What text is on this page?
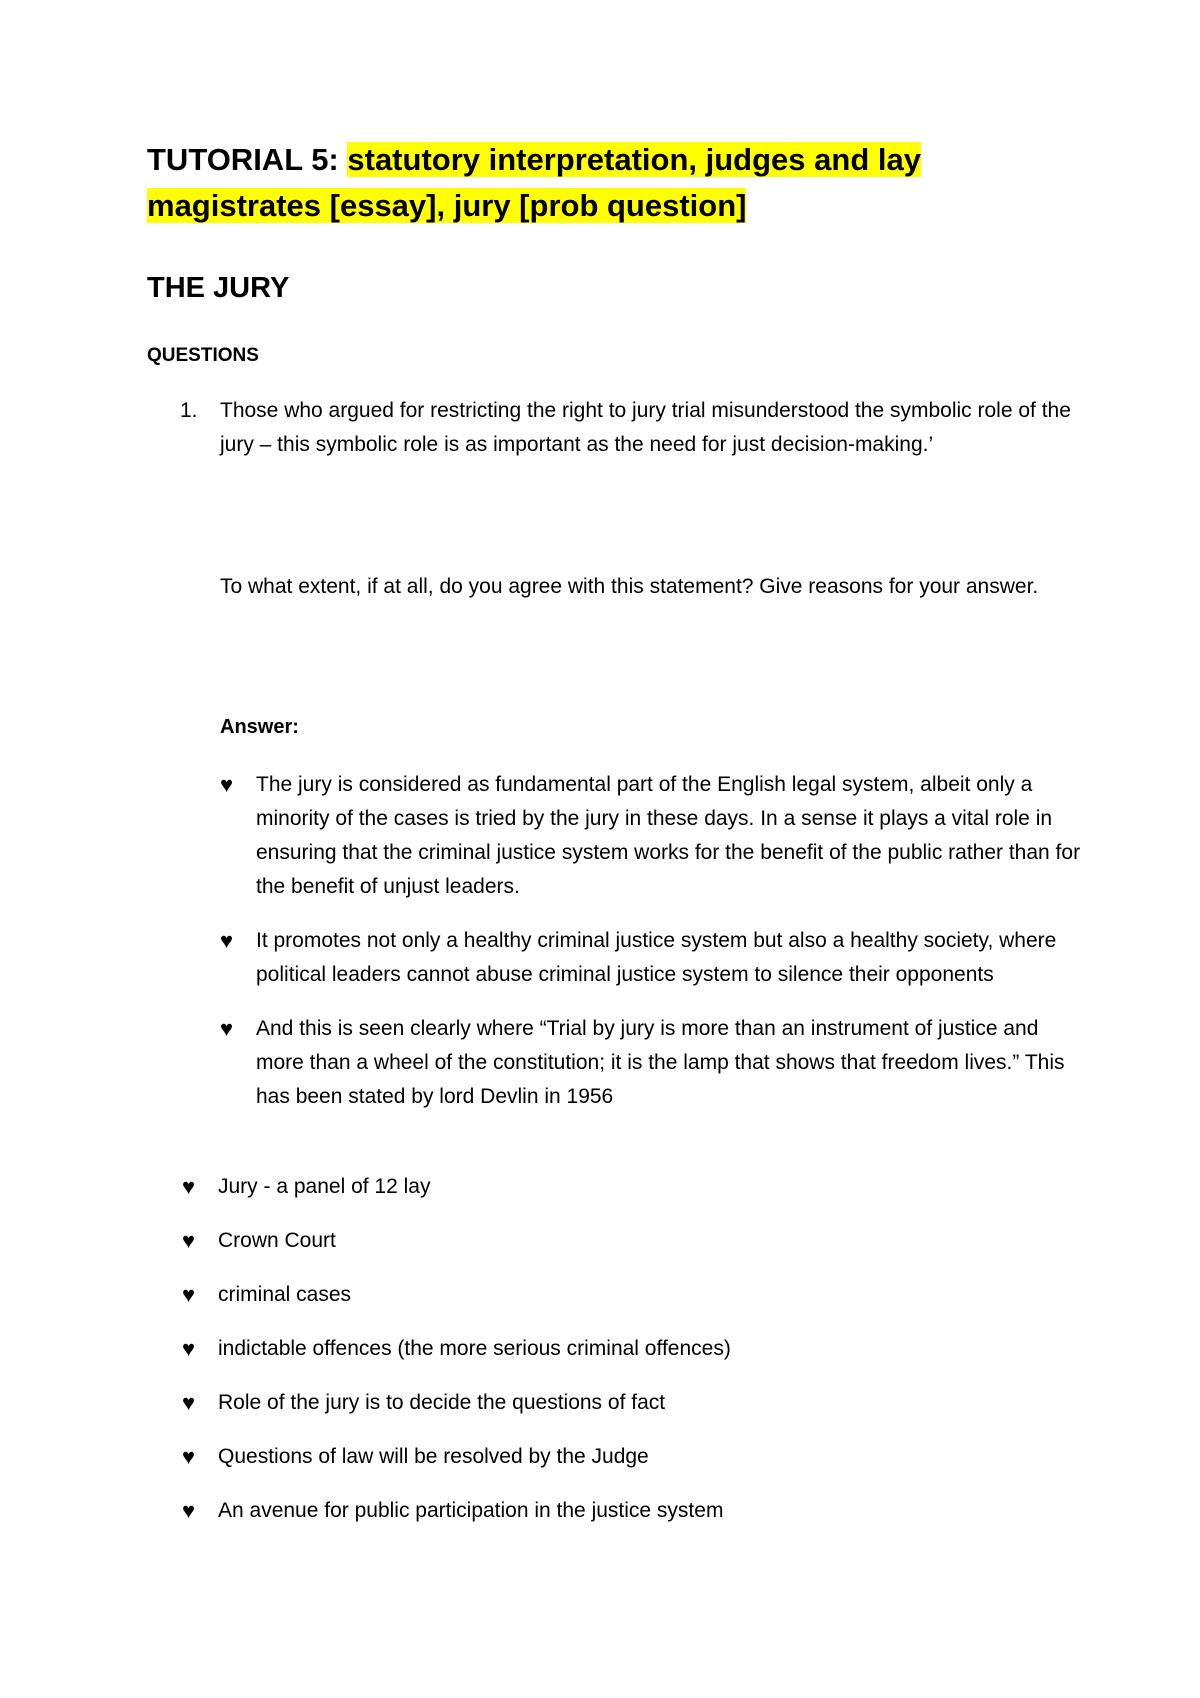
TUTORIAL 5: statutory interpretation, judges and lay
magistrates [essay], jury [prob question]
THE JURY
QUESTIONS
1. Those who argued for restricting the right to jury trial misunderstood the symbolic role of the jury – this symbolic role is as important as the need for just decision-making.’
To what extent, if at all, do you agree with this statement? Give reasons for your answer.
Answer:
♥ The jury is considered as fundamental part of the English legal system, albeit only a minority of the cases is tried by the jury in these days. In a sense it plays a vital role in ensuring that the criminal justice system works for the benefit of the public rather than for the benefit of unjust leaders.
♥ It promotes not only a healthy criminal justice system but also a healthy society, where political leaders cannot abuse criminal justice system to silence their opponents
♥ And this is seen clearly where “Trial by jury is more than an instrument of justice and more than a wheel of the constitution; it is the lamp that shows that freedom lives.” This has been stated by lord Devlin in 1956
♥ Jury - a panel of 12 lay
♥ Crown Court
♥ criminal cases
♥ indictable offences (the more serious criminal offences)
♥ Role of the jury is to decide the questions of fact
♥ Questions of law will be resolved by the Judge
♥ An avenue for public participation in the justice system
